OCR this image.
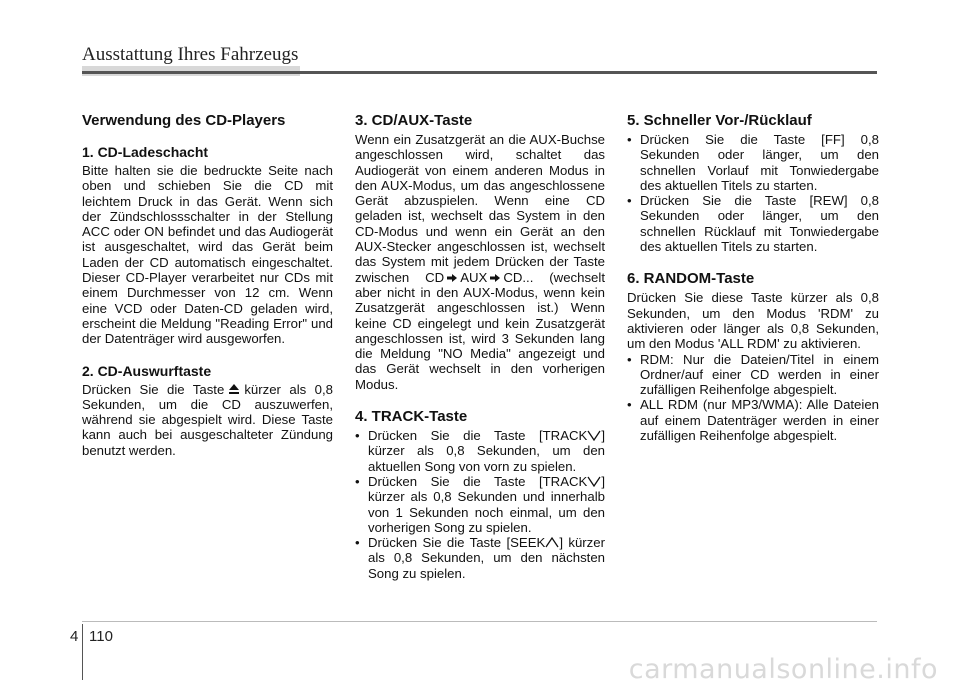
Ausstattung Ihres Fahrzeugs
Verwendung des CD-Players
1. CD-Ladeschacht

Bitte halten sie die bedruckte Seite nach oben und schieben Sie die CD mit leichtem Druck in das Gerät. Wenn sich der Zündschlossschalter in der Stellung ACC oder ON befindet und das Audiogerät ist ausgeschaltet, wird das Gerät beim Laden der CD automatisch eingeschaltet. Dieser CD-Player verarbeitet nur CDs mit einem Durchmesser von 12 cm. Wenn eine VCD oder Daten-CD geladen wird, erscheint die Meldung "Reading Error" und der Datenträger wird ausgeworfen.

2. CD-Auswurftaste

Drücken Sie die Taste kürzer als 0,8 Sekunden, um die CD auszuwerfen, während sie abgespielt wird. Diese Taste kann auch bei ausgeschalteter Zündung benutzt werden.

3. CD/AUX-Taste

Wenn ein Zusatzgerät an die AUX-Buchse angeschlossen wird, schaltet das Audiogerät von einem anderen Modus in den AUX-Modus, um das angeschlossene Gerät abzuspielen. Wenn eine CD geladen ist, wechselt das System in den CD-Modus und wenn ein Gerät an den AUX-Stecker angeschlossen ist, wechselt das System mit jedem Drücken der Taste zwischen CD AUX CD... (wechselt aber nicht in den AUX-Modus, wenn kein Zusatzgerät angeschlossen ist.) Wenn keine CD eingelegt und kein Zusatzgerät angeschlossen ist, wird 3 Sekunden lang die Meldung "NO Media" angezeigt und das Gerät wechselt in den vorherigen Modus.

4. TRACK-Taste
• Drücken Sie die Taste [TRACK ] kürzer als 0,8 Sekunden, um den aktuellen Song von vorn zu spielen.
• Drücken Sie die Taste [TRACK ] kürzer als 0,8 Sekunden und innerhalb von 1 Sekunden noch einmal, um den vorherigen Song zu spielen.
• Drücken Sie die Taste [SEEK ] kürzer als 0,8 Sekunden, um den nächsten Song zu spielen.
5. Schneller Vor-/Rücklauf
• Drücken Sie die Taste [FF] 0,8 Sekunden oder länger, um den schnellen Vorlauf mit Tonwiedergabe des aktuellen Titels zu starten.
• Drücken Sie die Taste [REW] 0,8 Sekunden oder länger, um den schnellen Rücklauf mit Tonwiedergabe des aktuellen Titels zu starten.
6. RANDOM-Taste

Drücken Sie diese Taste kürzer als 0,8 Sekunden, um den Modus 'RDM' zu aktivieren oder länger als 0,8 Sekunden, um den Modus 'ALL RDM' zu aktivieren.

• RDM: Nur die Dateien/Titel in einem Ordner/auf einer CD werden in einer zufälligen Reihenfolge abgespielt.
• ALL RDM (nur MP3/WMA): Alle Dateien auf einem Datenträger werden in einer zufälligen Reihenfolge abgespielt.
4 110
carmanualsonline.info
